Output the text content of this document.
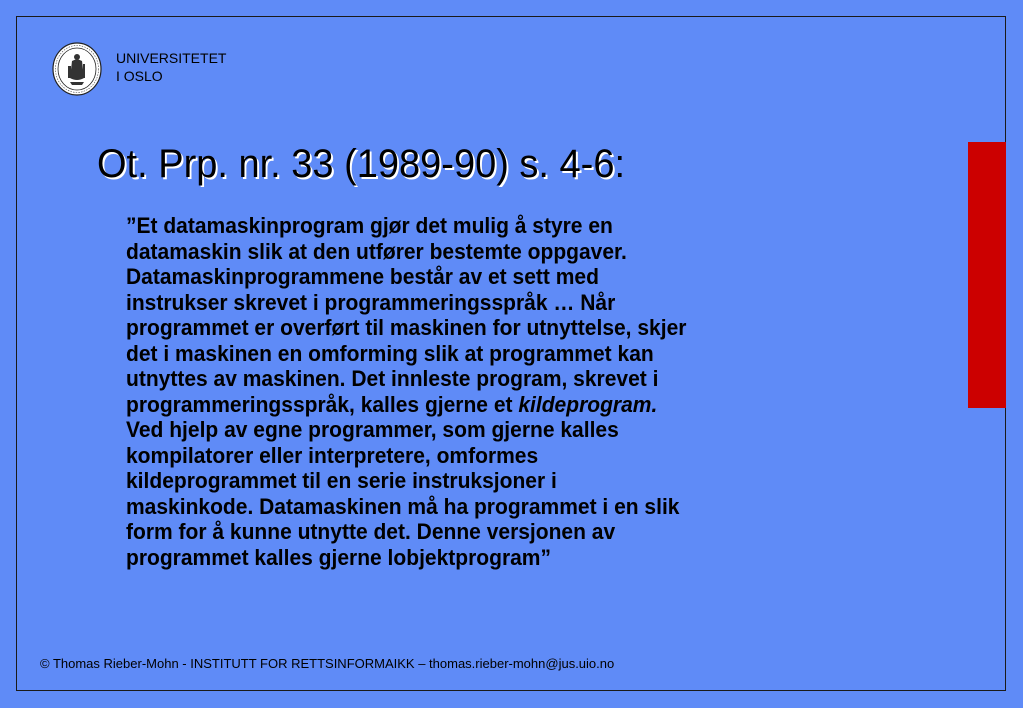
UNIVERSITETET
I OSLO
Ot. Prp. nr. 33 (1989-90) s. 4-6:
”Et datamaskinprogram gjør det mulig å styre en
datamaskin slik at den utfører bestemte oppgaver.
Datamaskinprogrammene består av et sett med
instrukser skrevet i programmeringsspråk … Når
programmet er overført til maskinen for utnyttelse, skjer
det i maskinen en omforming slik at programmet kan
utnyttes av maskinen. Det innleste program, skrevet i
programmeringsspråk, kalles gjerne et kildeprogram.
Ved hjelp av egne programmer, som gjerne kalles
kompilatorer eller interpretere, omformes
kildeprogrammet til en serie instruksjoner i
maskinkode. Datamaskinen må ha programmet i en slik
form for å kunne utnytte det. Denne versjonen av
programmet kalles gjerne lobjektprogram”
© Thomas Rieber-Mohn - INSTITUTT FOR RETTSINFORMAIKK – thomas.rieber-mohn@jus.uio.no
